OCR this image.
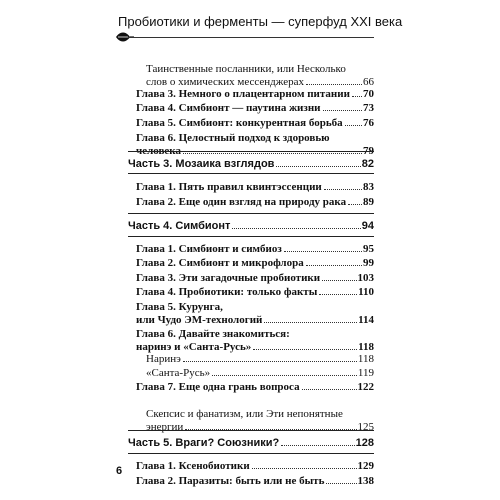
Пробиотики и ферменты — суперфуд XXI века
Таинственные посланники, или Несколько
слов о химических мессенджерах	66
Глава 3. Немного о плацентарном питании 70
Глава 4. Симбионт — паутина жизни	73
Глава 5. Симбионт: конкурентная борьба 76
Глава 6. Целостный подход к здоровью
человека	79
Часть 3. Мозаика взглядов	82
Глава 1. Пять правил квинтэссенции	83
Глава 2. Еще один взгляд на природу рака 89
Часть 4. Симбионт	94
Глава 1. Симбионт и симбиоз	95
Глава 2. Симбионт и микрофлора	99
Глава 3. Эти загадочные пробиотики	103
Глава 4. Пробиотики: только факты	110
Глава 5. Курунга,
или Чудо ЭМ-технологий	114
Глава 6. Давайте знакомиться:
наринэ и «Санта-Русь»	118
Наринэ	118
«Санта-Русь»	119
Глава 7. Еще одна грань вопроса	122
Скепсис и фанатизм, или Эти непонятные
энергии	125
Часть 5. Враги? Союзники?	128
Глава 1. Ксенобиотики	129
Глава 2. Паразиты: быть или не быть	138
6
